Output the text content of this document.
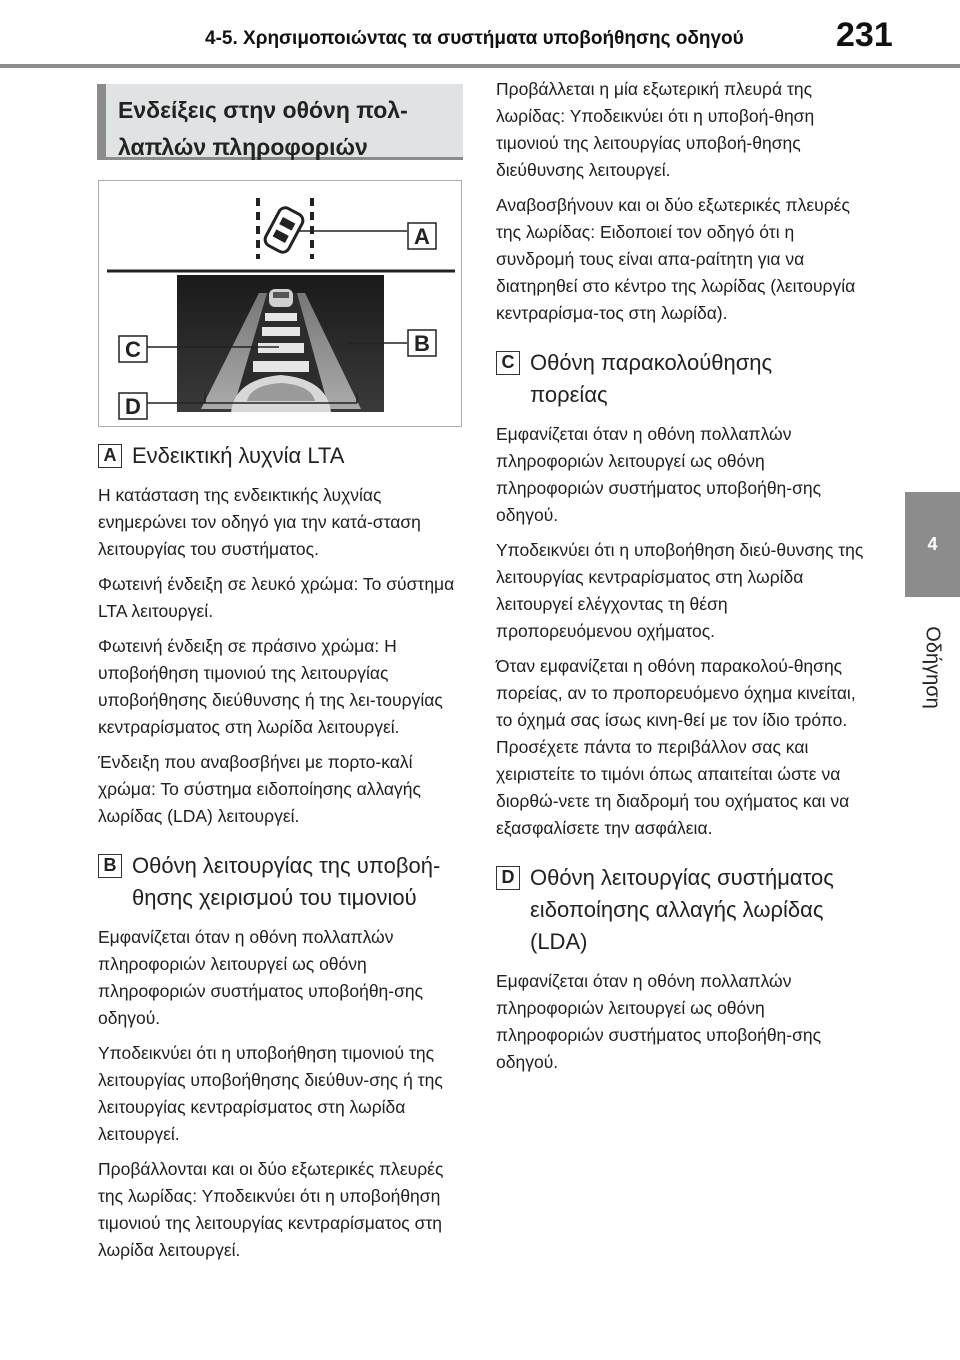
4-5. Χρησιμοποιώντας τα συστήματα υποβοήθησης οδηγού	231
4
Οδήγηση
Ενδείξεις στην οθόνη πολ-
λαπλών πληροφοριών
A
B
C
D
A Ενδεικτική λυχνία LTA

Η κατάσταση της ενδεικτικής λυχνίας ενημερώνει τον οδηγό για την κατά-σταση λειτουργίας του συστήματος.

Φωτεινή ένδειξη σε λευκό χρώμα: Το σύστημα LTA λειτουργεί.

Φωτεινή ένδειξη σε πράσινο χρώμα: Η υποβοήθηση τιμονιού της λειτουργίας υποβοήθησης διεύθυνσης ή της λει-τουργίας κεντραρίσματος στη λωρίδα λειτουργεί.

Ένδειξη που αναβοσβήνει με πορτο-καλί χρώμα: Το σύστημα ειδοποίησης αλλαγής λωρίδας (LDA) λειτουργεί.

B Οθόνη λειτουργίας της υποβοή-
θησης χειρισμού του τιμονιού

Εμφανίζεται όταν η οθόνη πολλαπλών πληροφοριών λειτουργεί ως οθόνη πληροφοριών συστήματος υποβοήθη-σης οδηγού.

Υποδεικνύει ότι η υποβοήθηση τιμονιού της λειτουργίας υποβοήθησης διεύθυν-σης ή της λειτουργίας κεντραρίσματος στη λωρίδα λειτουργεί.

Προβάλλονται και οι δύο εξωτερικές πλευρές της λωρίδας: Υποδεικνύει ότι η υποβοήθηση τιμονιού της λειτουργίας κεντραρίσματος στη λωρίδα λειτουργεί.

Προβάλλεται η μία εξωτερική πλευρά της λωρίδας: Υποδεικνύει ότι η υποβοή-θηση τιμονιού της λειτουργίας υποβοή-θησης διεύθυνσης λειτουργεί.

Αναβοσβήνουν και οι δύο εξωτερικές πλευρές της λωρίδας: Ειδοποιεί τον οδηγό ότι η συνδρομή τους είναι απα-ραίτητη για να διατηρηθεί στο κέντρο της λωρίδας (λειτουργία κεντραρίσμα-τος στη λωρίδα).

C Οθόνη παρακολούθησης
πορείας

Εμφανίζεται όταν η οθόνη πολλαπλών πληροφοριών λειτουργεί ως οθόνη πληροφοριών συστήματος υποβοήθη-σης οδηγού.

Υποδεικνύει ότι η υποβοήθηση διεύ-θυνσης της λειτουργίας κεντραρίσματος στη λωρίδα λειτουργεί ελέγχοντας τη θέση προπορευόμενου οχήματος.

Όταν εμφανίζεται η οθόνη παρακολού-θησης πορείας, αν το προπορευόμενο όχημα κινείται, το όχημά σας ίσως κινη-θεί με τον ίδιο τρόπο. Προσέχετε πάντα το περιβάλλον σας και χειριστείτε το τιμόνι όπως απαιτείται ώστε να διορθώ-νετε τη διαδρομή του οχήματος και να εξασφαλίσετε την ασφάλεια.

D Οθόνη λειτουργίας συστήματος
ειδοποίησης αλλαγής λωρίδας
(LDA)

Εμφανίζεται όταν η οθόνη πολλαπλών πληροφοριών λειτουργεί ως οθόνη πληροφοριών συστήματος υποβοήθη-σης οδηγού.
